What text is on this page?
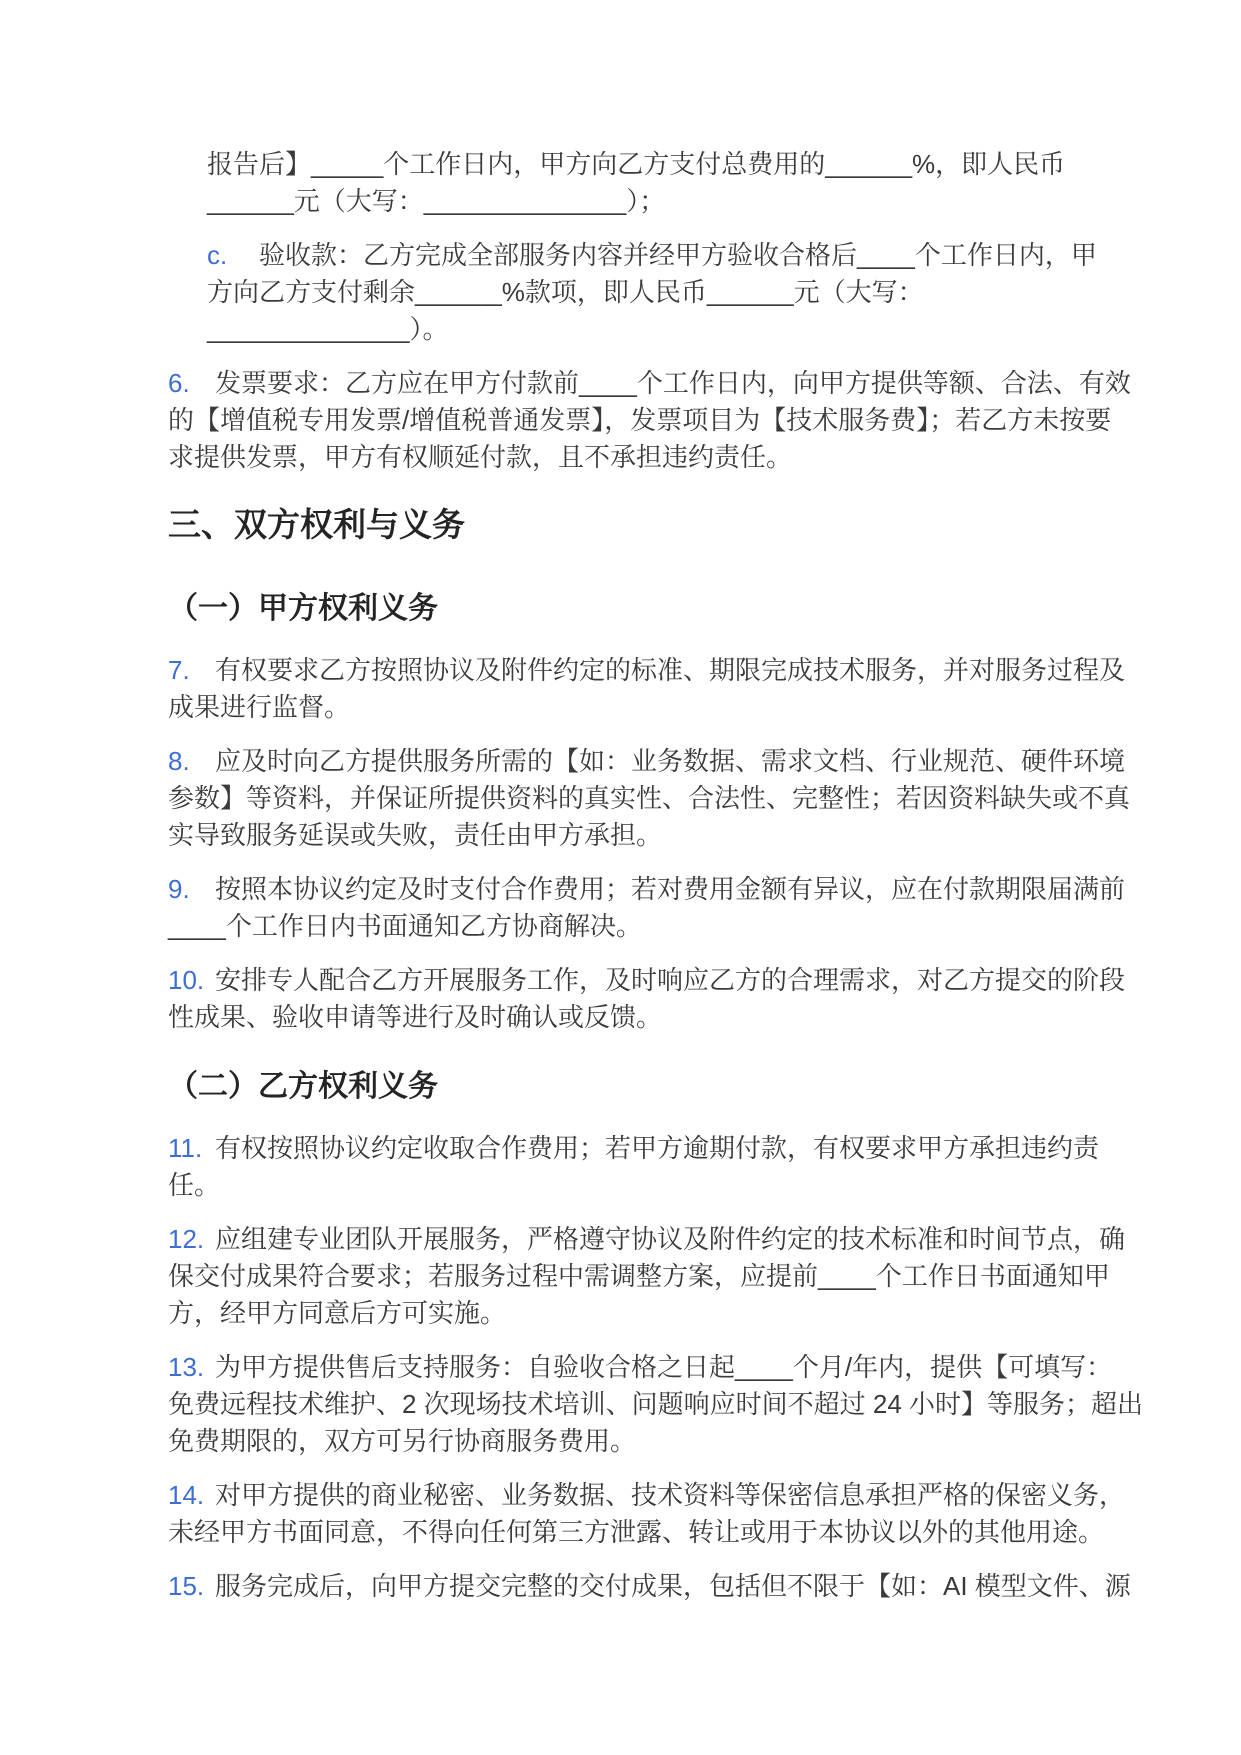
报告后】_____个工作日内，甲方向乙方支付总费用的______%，即人民币
______元（大写：______________）；
c. 验收款：乙方完成全部服务内容并经甲方验收合格后____个工作日内，甲
方向乙方支付剩余______%款项，即人民币______元（大写：
______________）。
6. 发票要求：乙方应在甲方付款前____个工作日内，向甲方提供等额、合法、有效
的【增值税专用发票/增值税普通发票】，发票项目为【技术服务费】；若乙方未按要
求提供发票，甲方有权顺延付款，且不承担违约责任。
三、双方权利与义务
（一）甲方权利义务
7. 有权要求乙方按照协议及附件约定的标准、期限完成技术服务，并对服务过程及
成果进行监督。
8. 应及时向乙方提供服务所需的【如：业务数据、需求文档、行业规范、硬件环境
参数】等资料，并保证所提供资料的真实性、合法性、完整性；若因资料缺失或不真
实导致服务延误或失败，责任由甲方承担。
9. 按照本协议约定及时支付合作费用；若对费用金额有异议，应在付款期限届满前
____个工作日内书面通知乙方协商解决。
10. 安排专人配合乙方开展服务工作，及时响应乙方的合理需求，对乙方提交的阶段
性成果、验收申请等进行及时确认或反馈。
（二）乙方权利义务
11. 有权按照协议约定收取合作费用；若甲方逾期付款，有权要求甲方承担违约责
任。
12. 应组建专业团队开展服务，严格遵守协议及附件约定的技术标准和时间节点，确
保交付成果符合要求；若服务过程中需调整方案，应提前____个工作日书面通知甲
方，经甲方同意后方可实施。
13. 为甲方提供售后支持服务：自验收合格之日起____个月/年内，提供【可填写：
免费远程技术维护、2 次现场技术培训、问题响应时间不超过 24 小时】等服务；超出
免费期限的，双方可另行协商服务费用。
14. 对甲方提供的商业秘密、业务数据、技术资料等保密信息承担严格的保密义务，
未经甲方书面同意，不得向任何第三方泄露、转让或用于本协议以外的其他用途。
15. 服务完成后，向甲方提交完整的交付成果，包括但不限于【如：AI 模型文件、源
